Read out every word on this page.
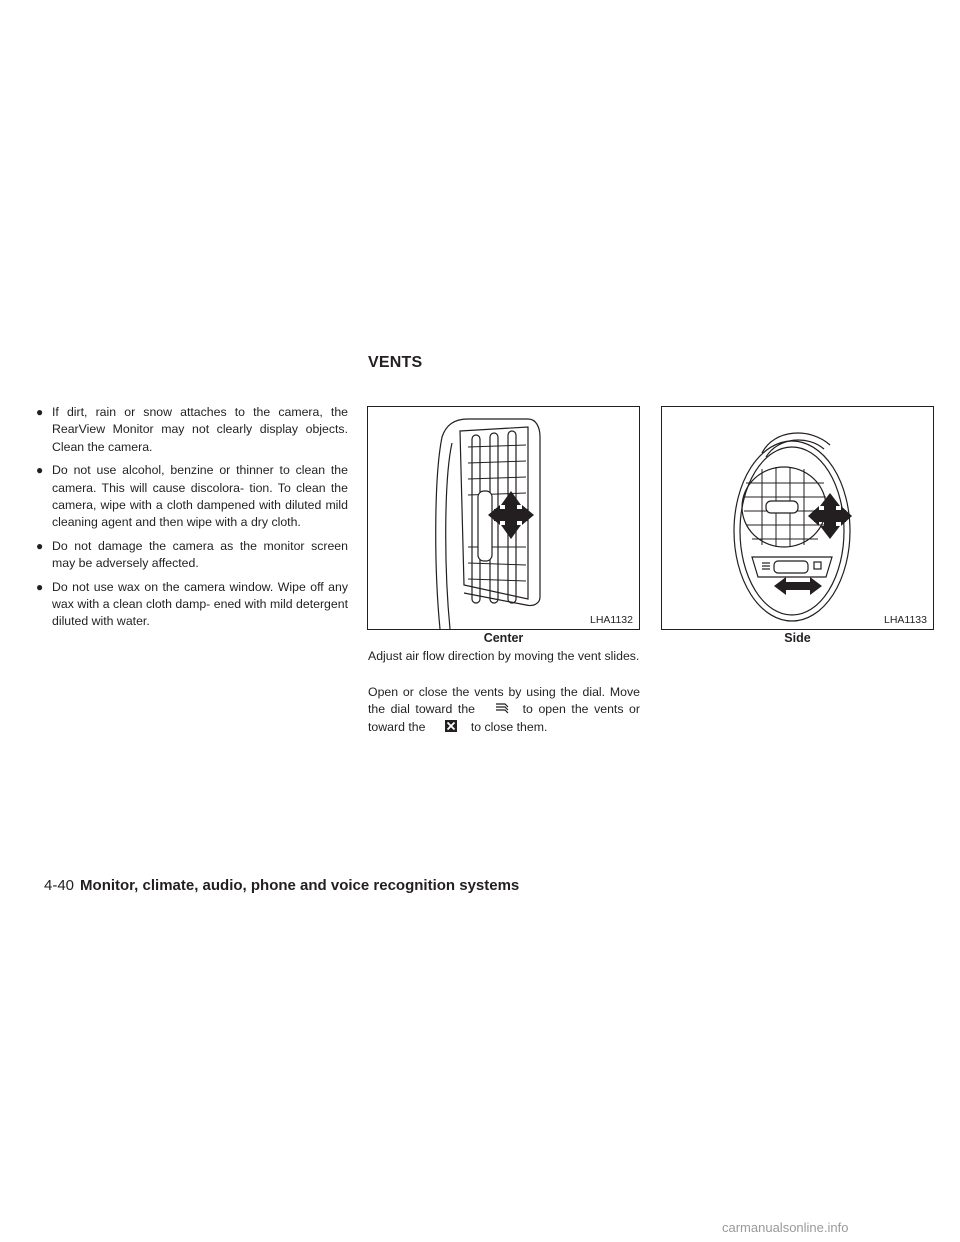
VENTS
● If dirt, rain or snow attaches to the camera, the RearView Monitor may not clearly display objects. Clean the camera.
● Do not use alcohol, benzine or thinner to clean the camera. This will cause discolora- tion. To clean the camera, wipe with a cloth dampened with diluted mild cleaning agent and then wipe with a dry cloth.
● Do not damage the camera as the monitor screen may be adversely affected.
● Do not use wax on the camera window. Wipe off any wax with a clean cloth damp- ened with mild detergent diluted with water.	LHA1132
Center
LHA1133
Side

Adjust air flow direction by moving the vent slides.

Open or close the vents by using the dial. Move the dial toward the	to open the vents or toward the	to close them.

4-40 Monitor, climate, audio, phone and voice recognition systems
carmanualsonline.info
